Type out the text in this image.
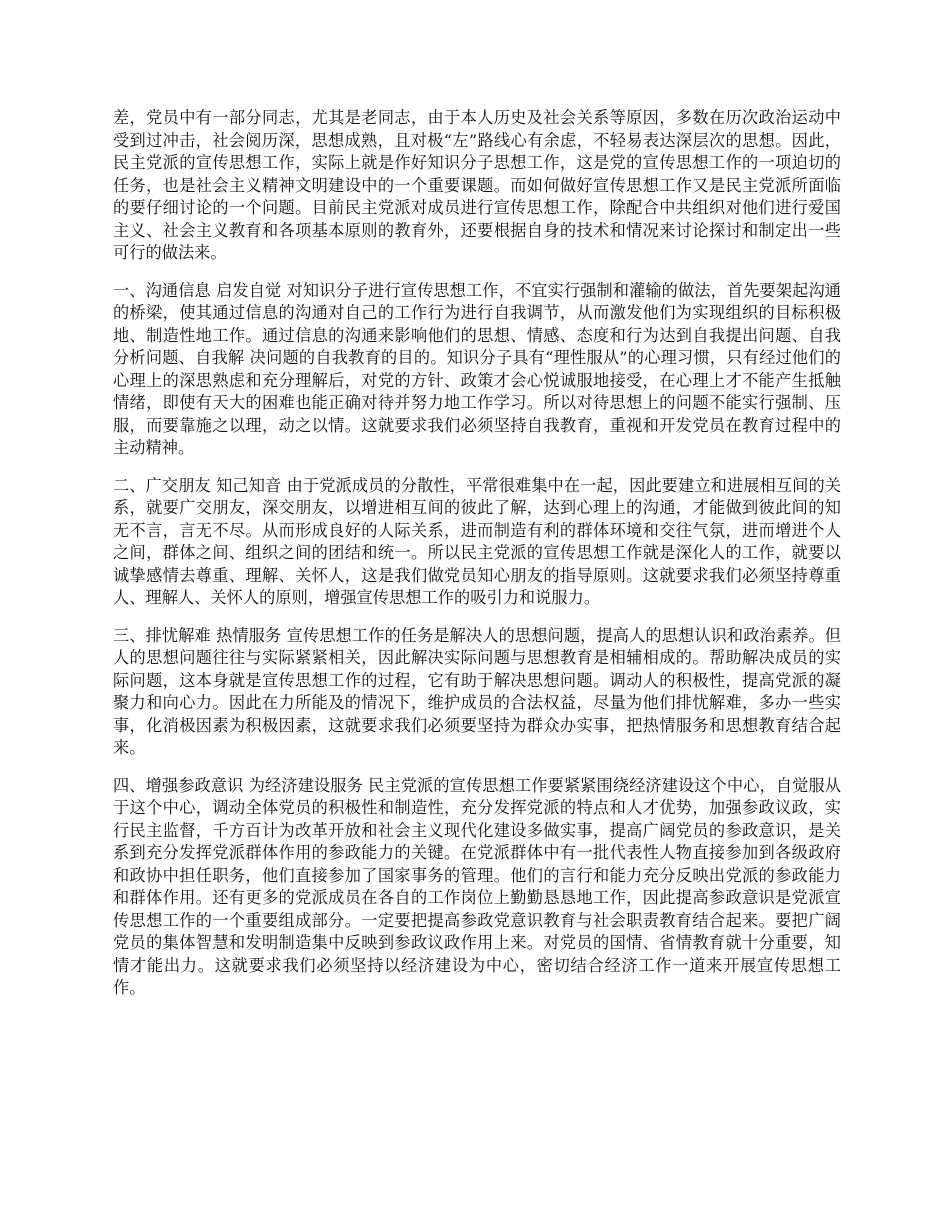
差，党员中有一部分同志，尤其是老同志，由于本人历史及社会关系等原因，多数在历次政治运动中受到过冲击，社会阅历深，思想成熟，且对极“左”路线心有余虑，不轻易表达深层次的思想。因此，民主党派的宣传思想工作，实际上就是作好知识分子思想工作，这是党的宣传思想工作的一项迫切的任务，也是社会主义精神文明建设中的一个重要课题。而如何做好宣传思想工作又是民主党派所面临的要仔细讨论的一个问题。目前民主党派对成员进行宣传思想工作，除配合中共组织对他们进行爱国主义、社会主义教育和各项基本原则的教育外，还要根据自身的技术和情况来讨论探讨和制定出一些可行的做法来。

一、沟通信息 启发自觉 对知识分子进行宣传思想工作，不宜实行强制和灌输的做法，首先要架起沟通的桥梁，使其通过信息的沟通对自己的工作行为进行自我调节，从而激发他们为实现组织的目标积极地、制造性地工作。通过信息的沟通来影响他们的思想、情感、态度和行为达到自我提出问题、自我分析问题、自我解 决问题的自我教育的目的。知识分子具有“理性服从”的心理习惯，只有经过他们的心理上的深思熟虑和充分理解后，对党的方针、政策才会心悦诚服地接受，在心理上才不能产生抵触情绪，即使有天大的困难也能正确对待并努力地工作学习。所以对待思想上的问题不能实行强制、压服，而要靠施之以理，动之以情。这就要求我们必须坚持自我教育，重视和开发党员在教育过程中的主动精神。

二、广交朋友 知己知音 由于党派成员的分散性，平常很难集中在一起，因此要建立和进展相互间的关系，就要广交朋友，深交朋友，以增进相互间的彼此了解，达到心理上的沟通，才能做到彼此间的知无不言，言无不尽。从而形成良好的人际关系，进而制造有利的群体环境和交往气氛，进而增进个人之间，群体之间、组织之间的团结和统一。所以民主党派的宣传思想工作就是深化人的工作，就要以诚挚感情去尊重、理解、关怀人，这是我们做党员知心朋友的指导原则。这就要求我们必须坚持尊重人、理解人、关怀人的原则，增强宣传思想工作的吸引力和说服力。

三、排忧解难 热情服务 宣传思想工作的任务是解决人的思想问题，提高人的思想认识和政治素养。但人的思想问题往往与实际紧紧相关，因此解决实际问题与思想教育是相辅相成的。帮助解决成员的实际问题，这本身就是宣传思想工作的过程，它有助于解决思想问题。调动人的积极性，提高党派的凝聚力和向心力。因此在力所能及的情况下，维护成员的合法权益，尽量为他们排忧解难，多办一些实事，化消极因素为积极因素，这就要求我们必须要坚持为群众办实事，把热情服务和思想教育结合起来。

四、增强参政意识 为经济建设服务 民主党派的宣传思想工作要紧紧围绕经济建设这个中心，自觉服从于这个中心，调动全体党员的积极性和制造性，充分发挥党派的特点和人才优势，加强参政议政，实行民主监督，千方百计为改革开放和社会主义现代化建设多做实事，提高广阔党员的参政意识，是关系到充分发挥党派群体作用的参政能力的关键。在党派群体中有一批代表性人物直接参加到各级政府和政协中担任职务，他们直接参加了国家事务的管理。他们的言行和能力充分反映出党派的参政能力和群体作用。还有更多的党派成员在各自的工作岗位上勤勤恳恳地工作，因此提高参政意识是党派宣传思想工作的一个重要组成部分。一定要把提高参政党意识教育与社会职责教育结合起来。要把广阔党员的集体智慧和发明制造集中反映到参政议政作用上来。对党员的国情、省情教育就十分重要，知情才能出力。这就要求我们必须坚持以经济建设为中心，密切结合经济工作一道来开展宣传思想工作。
